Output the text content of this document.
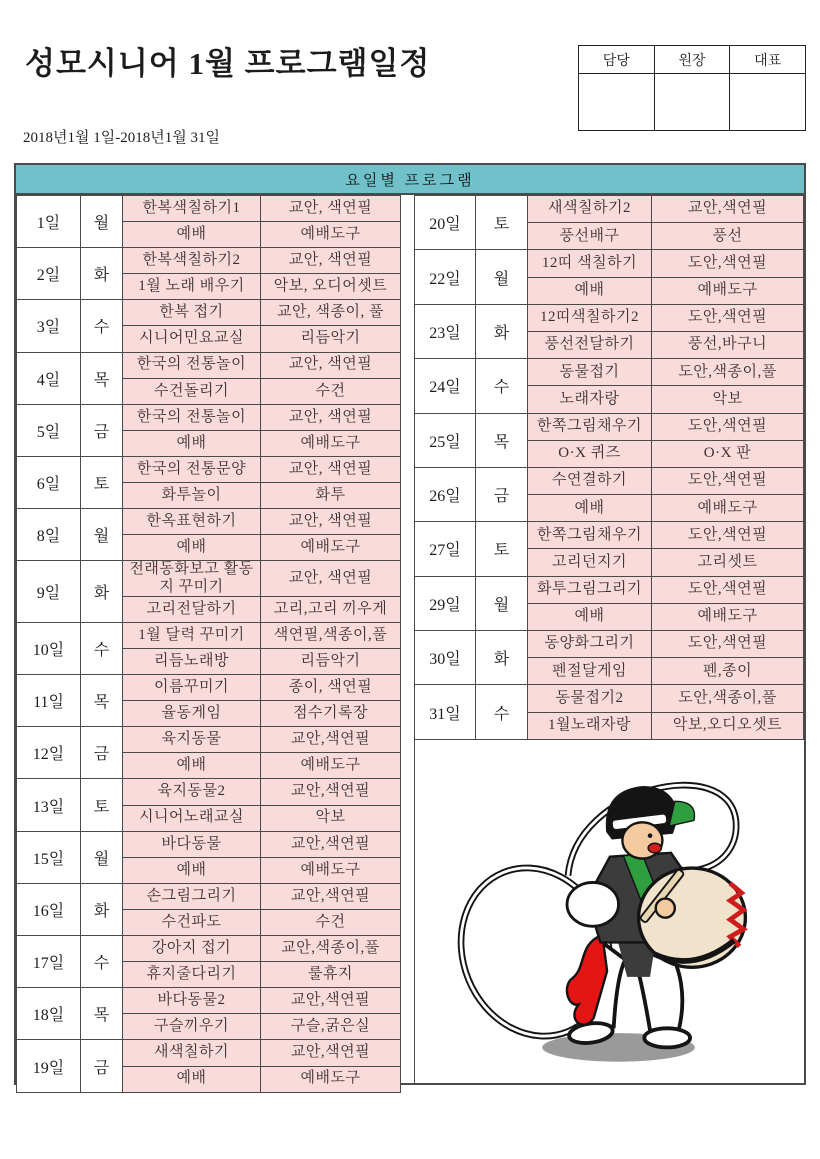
성모시니어 1월 프로그램일정	담당	원장	대표

2018년1월 1일-2018년1월 31일
요일별 프로그램
1일	월	한복색칠하기1	교안, 색연필
		예배	예배도구
2일	화	한복색칠하기2	교안, 색연필
		1월 노래 배우기	악보, 오디어셋트
3일	수	한복 접기	교안, 색종이, 풀
		시니어민요교실	리듬악기
4일	목	한국의 전통놀이	교안, 색연필
		수건돌리기	수건
5일	금	한국의 전통놀이	교안, 색연필
		예배	예배도구
6일	토	한국의 전통문양	교안, 색연필
		화투놀이	화투
8일	월	한옥표현하기	교안, 색연필
		예배	예배도구
9일	화	전래동화보고 활동지 꾸미기	교안, 색연필
		고리전달하기	고리,고리 끼우게
10일	수	1월 달력 꾸미기	색연필,색종이,풀
		리듬노래방	리듬악기
11일	목	이름꾸미기	종이, 색연필
		율동게임	점수기록장
12일	금	육지동물	교안,색연필
		예배	예배도구
13일	토	육지동물2	교안,색연필
		시니어노래교실	악보
15일	월	바다동물	교안,색연필
		예배	예배도구
16일	화	손그림그리기	교안,색연필
		수건파도	수건
17일	수	강아지 접기	교안,색종이,풀
		휴지줄다리기	룰휴지
18일	목	바다동물2	교안,색연필
		구슬끼우기	구슬,굵은실
19일	금	새색칠하기	교안,색연필
		예배	예배도구
20일	토	새색칠하기2	교안,색연필
		풍선배구	풍선
22일	월	12띠 색칠하기	도안,색연필
		예배	예배도구
23일	화	12띠색칠하기2	도안,색연필
		풍선전달하기	풍선,바구니
24일	수	동물접기	도안,색종이,풀
		노래자랑	악보
25일	목	한쪽그림채우기	도안,색연필
		O·X 퀴즈	O·X 판
26일	금	수연결하기	도안,색연필
		예배	예배도구
27일	토	한쪽그림채우기	도안,색연필
		고리던지기	고리셋트
29일	월	화투그림그리기	도안,색연필
		예배	예배도구
30일	화	동양화그리기	도안,색연필
		펜절달게임	펜,종이
31일	수	동물접기2	도안,색종이,풀
		1월노래자랑	악보,오디오셋트
